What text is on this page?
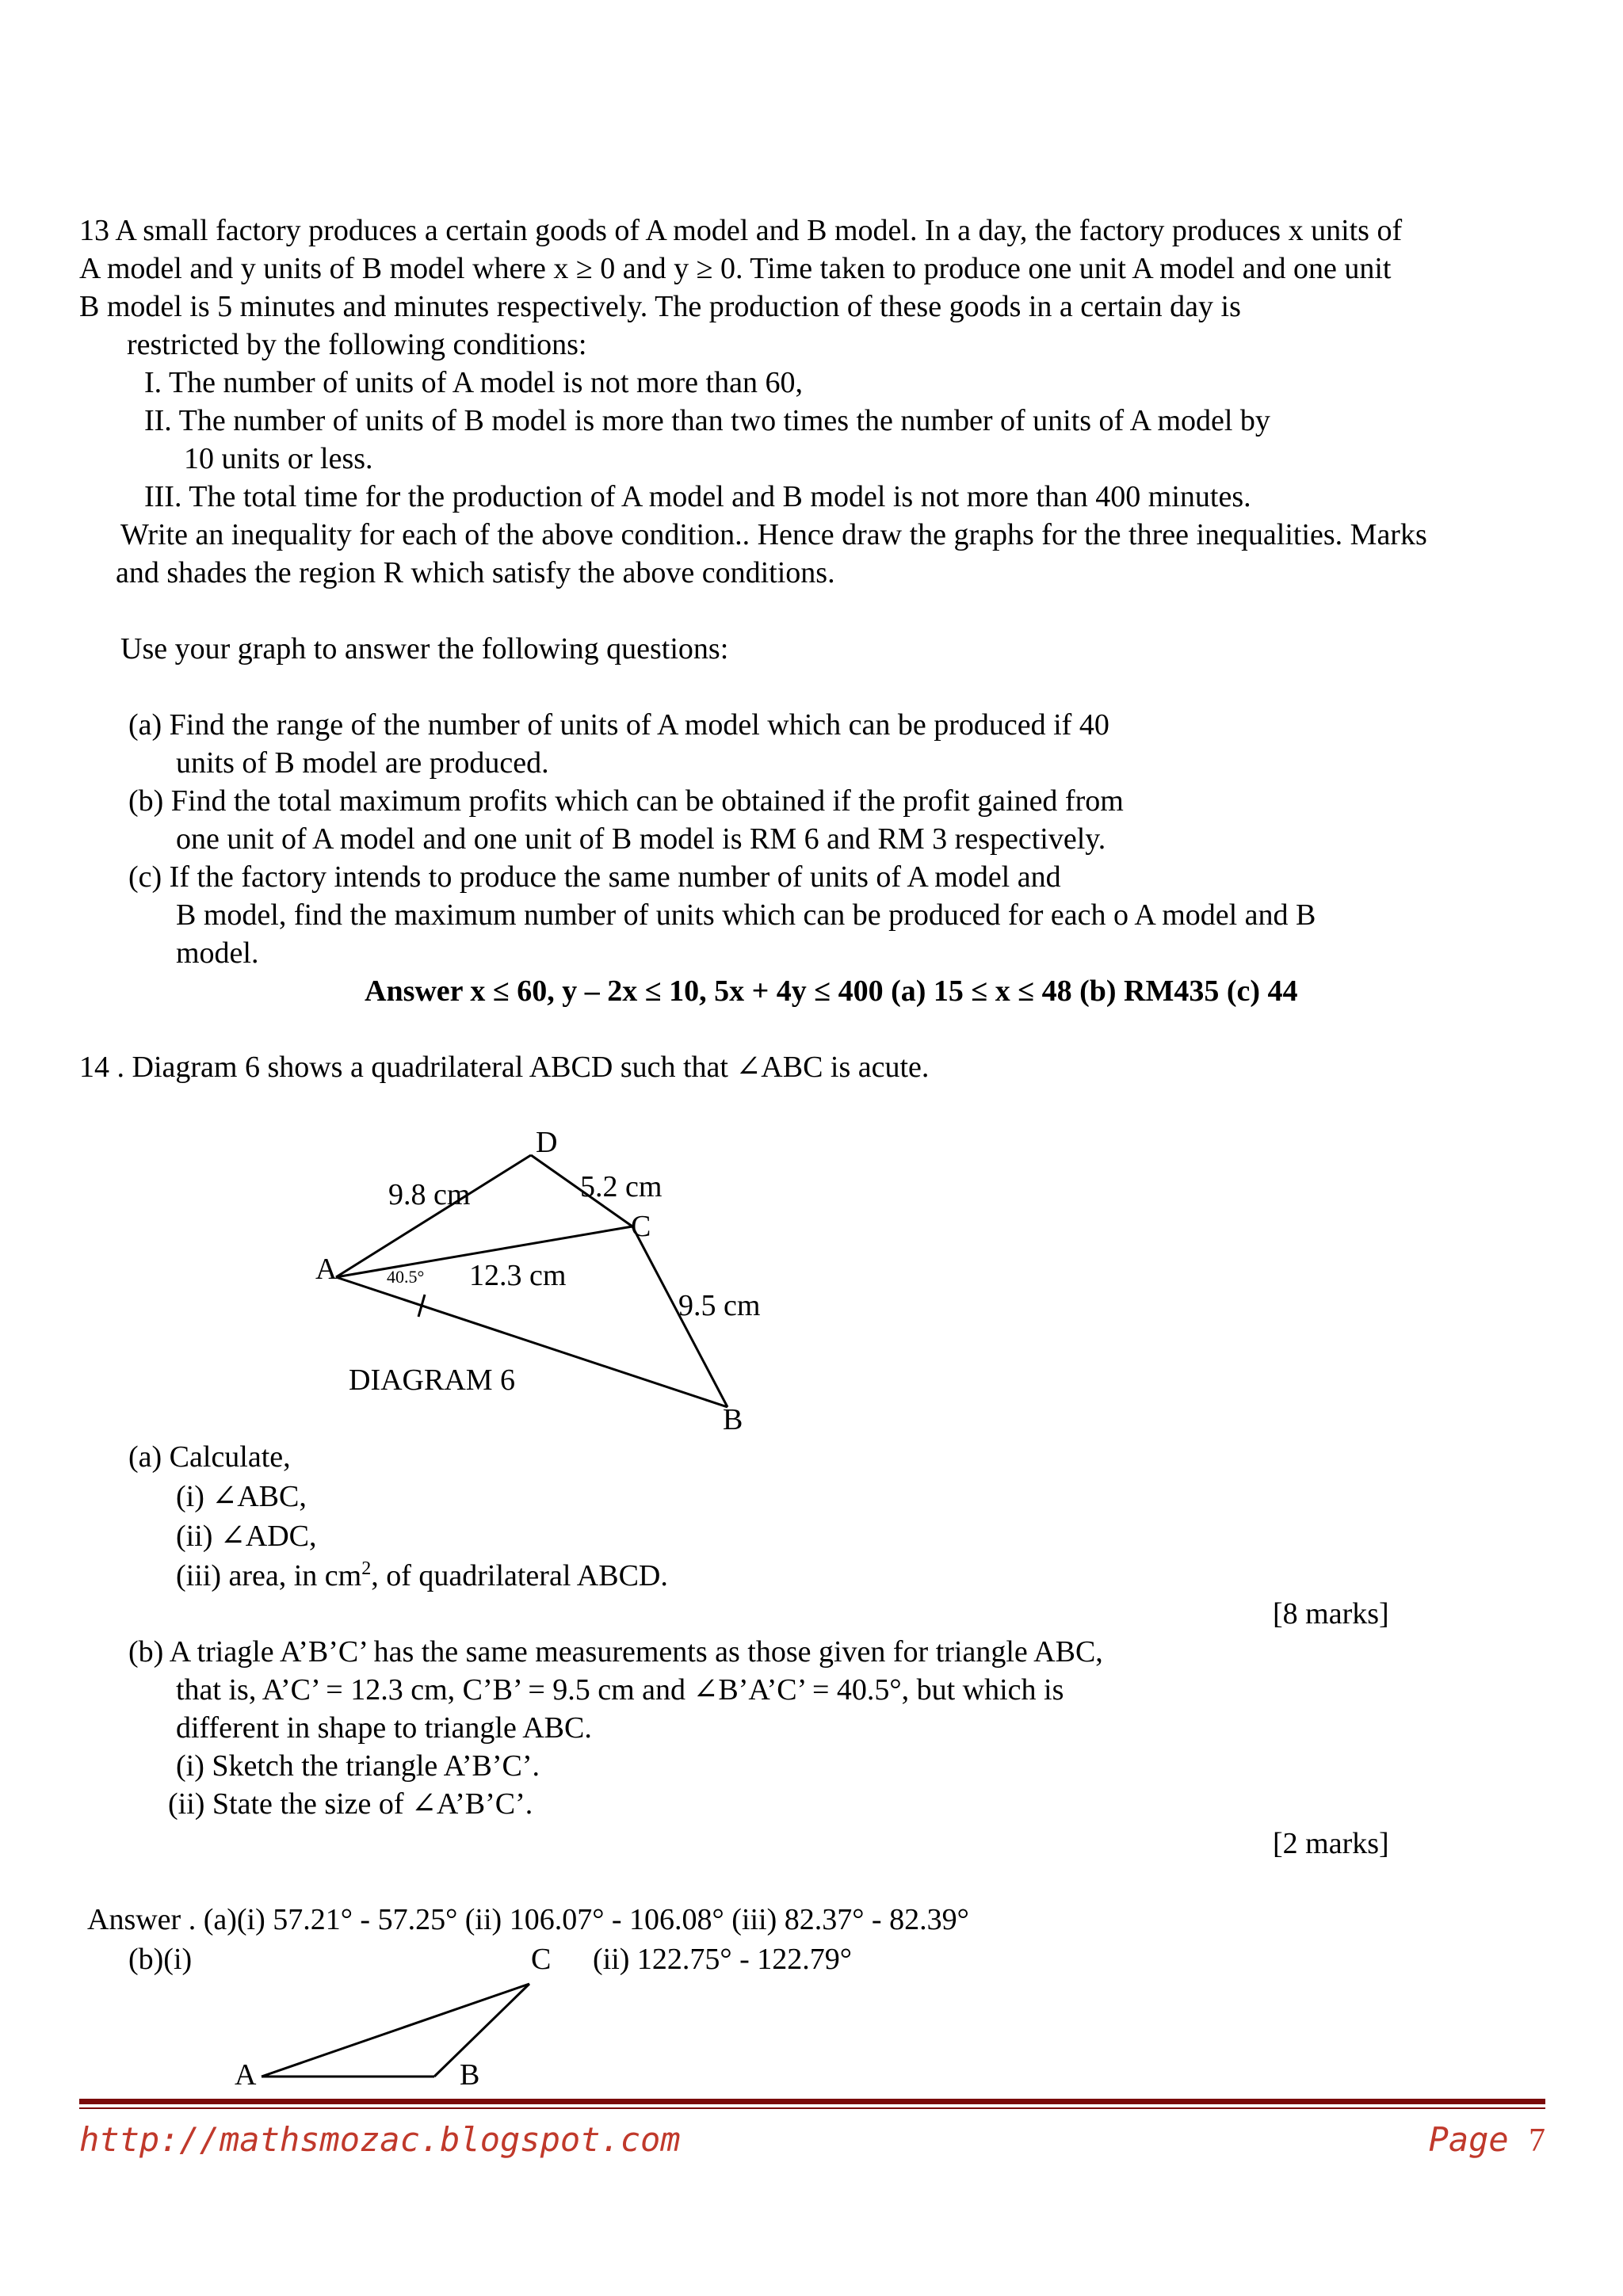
13 A small factory produces a certain goods of A model and B model. In a day, the factory produces x units of
A model and y units of B model where x ≥ 0 and y ≥ 0. Time taken to produce one unit A model and one unit
B model is 5 minutes and minutes respectively. The production of these goods in a certain day is
restricted by the following conditions:
I. The number of units of A model is not more than 60,
II. The number of units of B model is more than two times the number of units of A model by
10 units or less.
III. The total time for the production of A model and B model is not more than 400 minutes.
Write an inequality for each of the above condition.. Hence draw the graphs for the three inequalities. Marks
and shades the region R which satisfy the above conditions.
Use your graph to answer the following questions:
(a) Find the range of the number of units of A model which can be produced if 40
units of B model are produced.
(b) Find the total maximum profits which can be obtained if the profit gained from
one unit of A model and one unit of B model is RM 6 and RM 3 respectively.
(c) If the factory intends to produce the same number of units of A model and
B model, find the maximum number of units which can be produced for each o A model and B
model.
Answer x ≤ 60, y – 2x ≤ 10, 5x + 4y ≤ 400 (a) 15 ≤ x ≤ 48 (b) RM435 (c) 44
14 . Diagram 6 shows a quadrilateral ABCD such that ∠ABC is acute.
D
C
A
B
9.8 cm	5.2 cm
12.3 cm
40.5°
9.5 cm
DIAGRAM 6
(a) Calculate,
(i) ∠ABC,
(ii) ∠ADC,
(iii) area, in $cm^2$, of quadrilateral ABCD.
[8 marks]
(b) A triagle A’B’C’ has the same measurements as those given for triangle ABC,
that is, A’C’ = 12.3 cm, C’B’ = 9.5 cm and ∠B’A’C’ = 40.5°, but which is
different in shape to triangle ABC.
(i) Sketch the triangle A’B’C’.
(ii) State the size of ∠A’B’C’.
[2 marks]
Answer . (a)(i) 57.21° - 57.25° (ii) 106.07° - 106.08° (iii) 82.37° - 82.39°
(b)(i)	C (ii) 122.75° - 122.79°
A	B
http://mathsmozac.blogspot.com	Page 7
